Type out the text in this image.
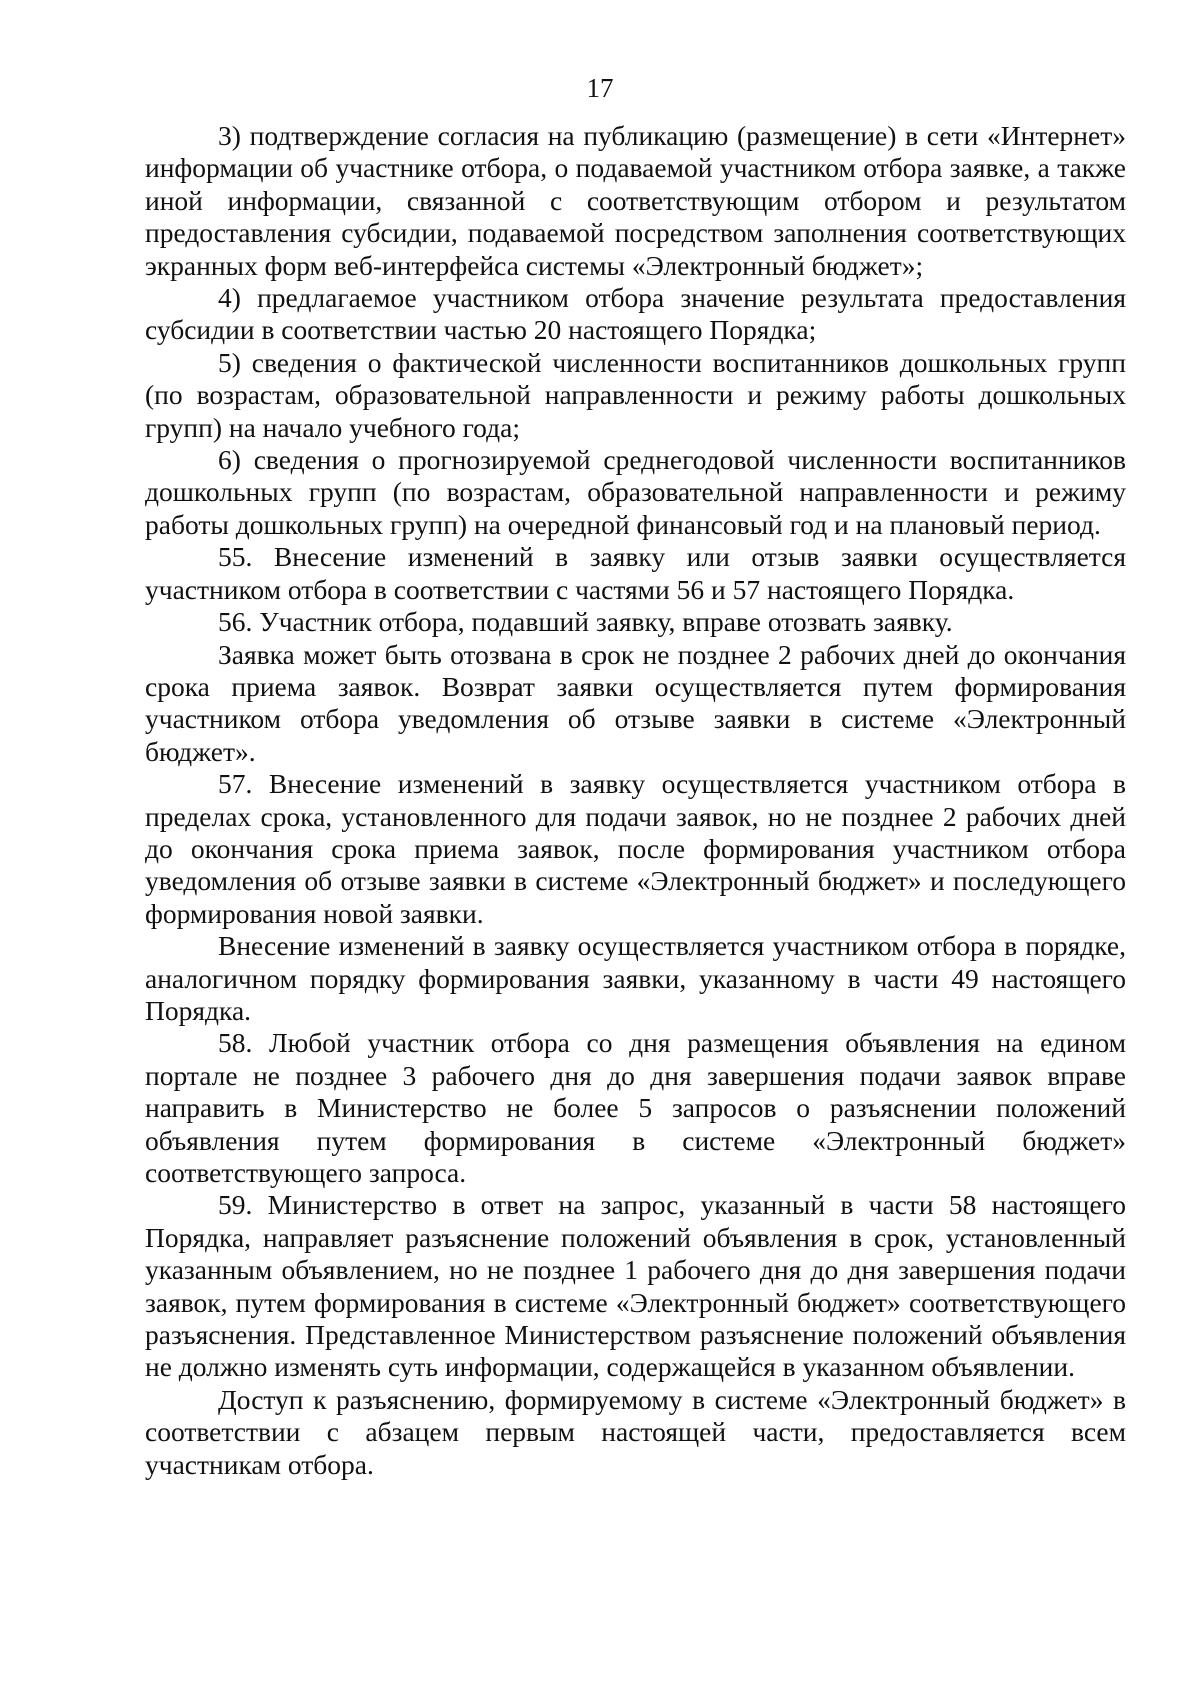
17

3) подтверждение согласия на публикацию (размещение) в сети «Интернет» информации об участнике отбора, о подаваемой участником отбора заявке, а также иной информации, связанной с соответствующим отбором и результатом предоставления субсидии, подаваемой посредством заполнения соответствующих экранных форм веб-интерфейса системы «Электронный бюджет»;

4) предлагаемое участником отбора значение результата предоставления субсидии в соответствии частью 20 настоящего Порядка;

5) сведения о фактической численности воспитанников дошкольных групп (по возрастам, образовательной направленности и режиму работы дошкольных групп) на начало учебного года;

6) сведения о прогнозируемой среднегодовой численности воспитанников дошкольных групп (по возрастам, образовательной направленности и режиму работы дошкольных групп) на очередной финансовый год и на плановый период.

55. Внесение изменений в заявку или отзыв заявки осуществляется участником отбора в соответствии с частями 56 и 57 настоящего Порядка.

56. Участник отбора, подавший заявку, вправе отозвать заявку.

Заявка может быть отозвана в срок не позднее 2 рабочих дней до окончания срока приема заявок. Возврат заявки осуществляется путем формирования участником отбора уведомления об отзыве заявки в системе «Электронный бюджет».

57. Внесение изменений в заявку осуществляется участником отбора в пределах срока, установленного для подачи заявок, но не позднее 2 рабочих дней до окончания срока приема заявок, после формирования участником отбора уведомления об отзыве заявки в системе «Электронный бюджет» и последующего формирования новой заявки.

Внесение изменений в заявку осуществляется участником отбора в порядке, аналогичном порядку формирования заявки, указанному в части 49 настоящего Порядка.

58. Любой участник отбора со дня размещения объявления на едином портале не позднее 3 рабочего дня до дня завершения подачи заявок вправе направить в Министерство не более 5 запросов о разъяснении положений объявления путем формирования в системе «Электронный бюджет» соответствующего запроса.

59. Министерство в ответ на запрос, указанный в части 58 настоящего Порядка, направляет разъяснение положений объявления в срок, установленный указанным объявлением, но не позднее 1 рабочего дня до дня завершения подачи заявок, путем формирования в системе «Электронный бюджет» соответствующего разъяснения. Представленное Министерством разъяснение положений объявления не должно изменять суть информации, содержащейся в указанном объявлении.

Доступ к разъяснению, формируемому в системе «Электронный бюджет» в соответствии с абзацем первым настоящей части, предоставляется всем участникам отбора.
